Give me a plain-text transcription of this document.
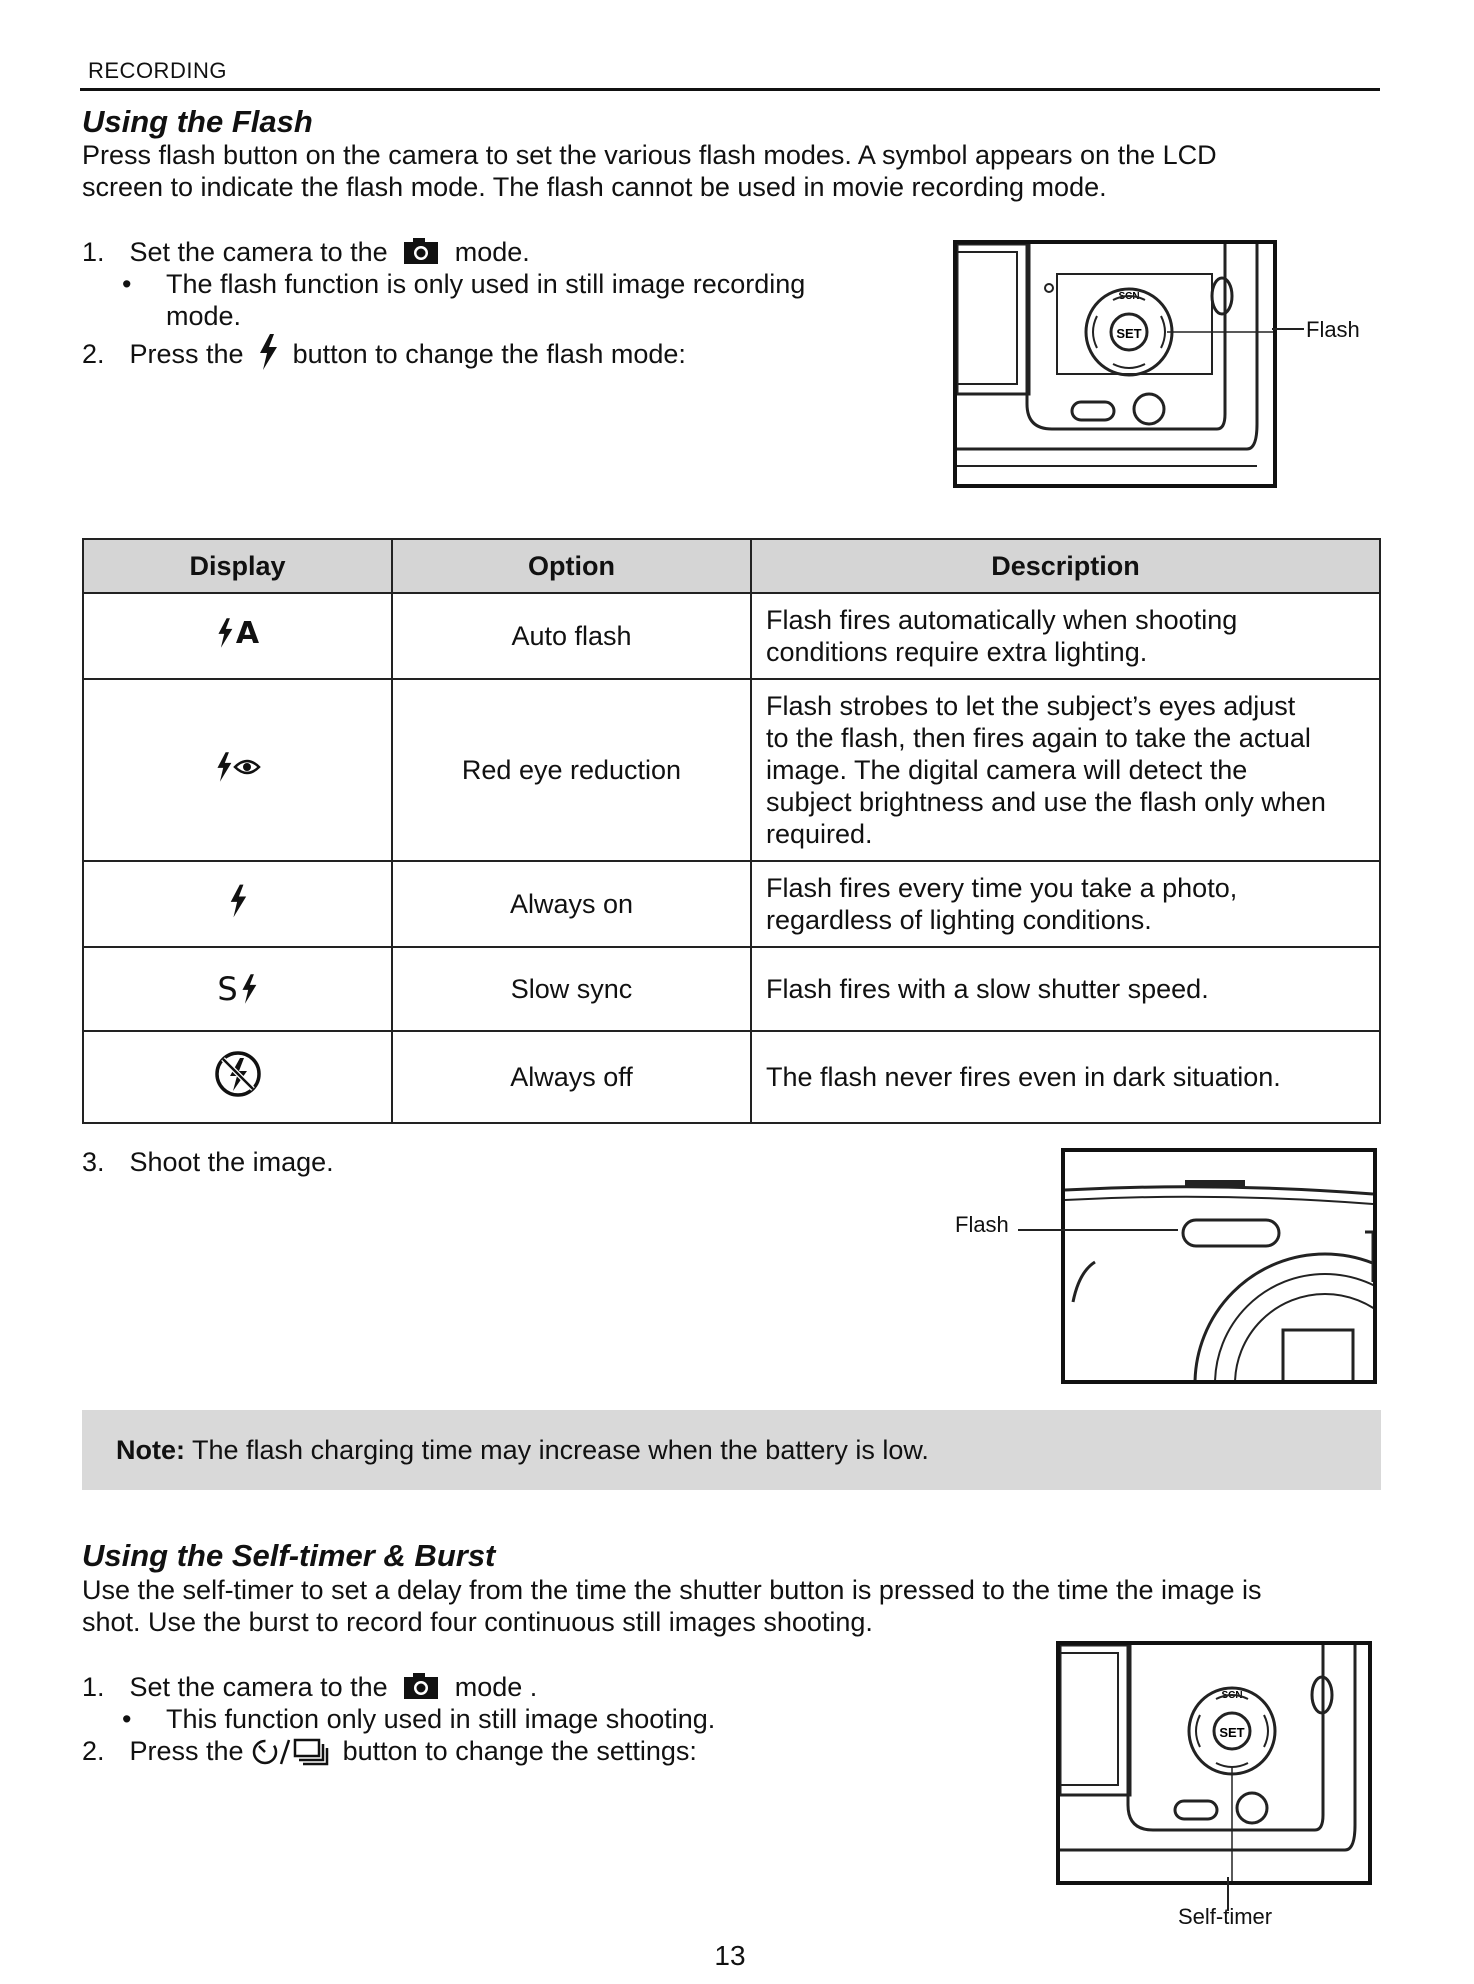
RECORDING
Using the Flash
Press flash button on the camera to set the various flash modes. A symbol appears on the LCD
screen to indicate the flash mode. The flash cannot be used in movie recording mode.
1. Set the camera to the mode.
• The flash function is only used in still image recording
mode.
2. Press the button to change the flash mode:
SET
SCN
Flash
Display	Option	Description

A	Auto flash	Flash fires automatically when shooting
conditions require extra lighting.

	Red eye reduction	Flash strobes to let the subject’s eyes adjust
to the flash, then fires again to take the actual
image. The digital camera will detect the
subject brightness and use the flash only when
required.

	Always on	Flash fires every time you take a photo,
regardless of lighting conditions.

S	Slow sync	Flash fires with a slow shutter speed.

	Always off	The flash never fires even in dark situation.
3. Shoot the image.
Flash
Note: The flash charging time may increase when the battery is low.
Using the Self-timer & Burst
Use the self-timer to set a delay from the time the shutter button is pressed to the time the image is
shot. Use the burst to record four continuous still images shooting.
1. Set the camera to the mode .
• This function only used in still image shooting.
2. Press the	button to change the settings:
SET
SCN
Self-timer
13
